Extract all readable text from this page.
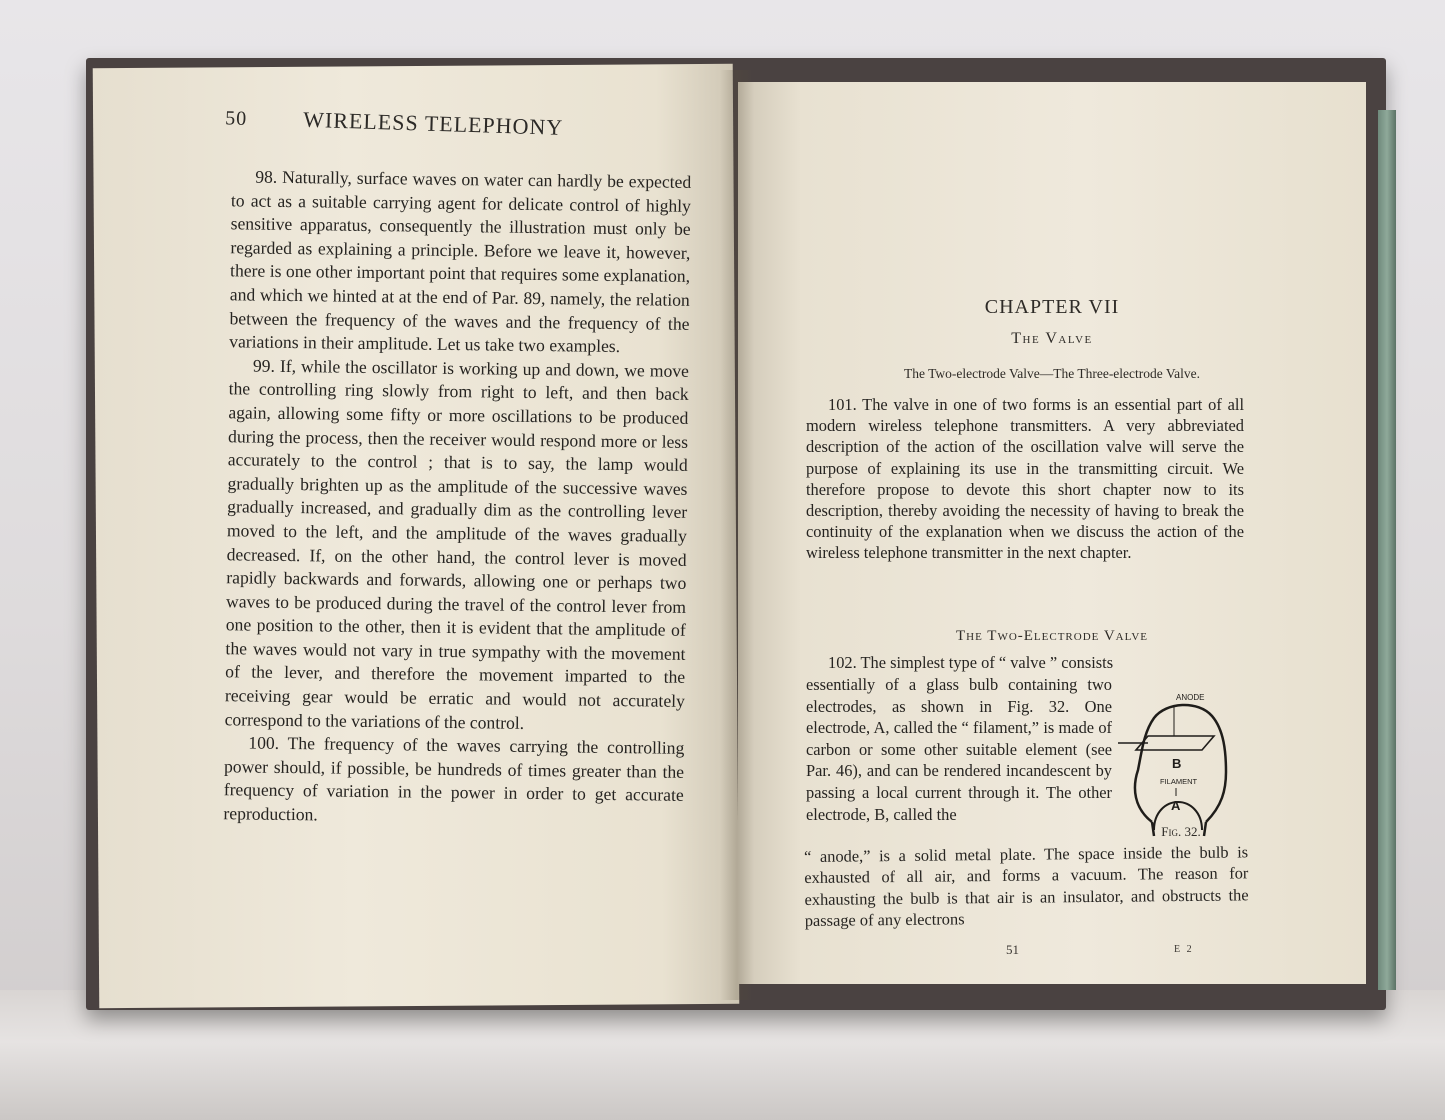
50	WIRELESS TELEPHONY

98. Naturally, surface waves on water can hardly be expected to act as a suitable carrying agent for delicate control of highly sensitive apparatus, consequently the illustration must only be regarded as explaining a principle. Before we leave it, however, there is one other important point that requires some explanation, and which we hinted at at the end of Par. 89, namely, the relation between the frequency of the waves and the frequency of the variations in their amplitude. Let us take two examples.

99. If, while the oscillator is working up and down, we move the controlling ring slowly from right to left, and then back again, allowing some fifty or more oscillations to be produced during the process, then the receiver would respond more or less accurately to the control ; that is to say, the lamp would gradually brighten up as the amplitude of the successive waves gradually increased, and gradually dim as the controlling lever moved to the left, and the amplitude of the waves gradually decreased. If, on the other hand, the control lever is moved rapidly backwards and forwards, allowing one or perhaps two waves to be produced during the travel of the control lever from one position to the other, then it is evident that the amplitude of the waves would not vary in true sympathy with the movement of the lever, and therefore the movement imparted to the receiving gear would be erratic and would not accurately correspond to the variations of the control.

100. The frequency of the waves carrying the controlling power should, if possible, be hundreds of times greater than the frequency of variation in the power in order to get accurate reproduction.

CHAPTER VII
The Valve
The Two-electrode Valve—The Three-electrode Valve.

101. The valve in one of two forms is an essential part of all modern wireless telephone transmitters. A very abbreviated description of the action of the oscillation valve will serve the purpose of explaining its use in the transmitting circuit. We therefore propose to devote this short chapter now to its description, thereby avoiding the necessity of having to break the continuity of the explanation when we discuss the action of the wireless telephone transmitter in the next chapter.

The Two-Electrode Valve
102. The simplest type of “ valve ” consists
essentially of a glass bulb containing two electrodes, as shown in Fig. 32. One electrode, A, called the “ filament,” is made of carbon or some other suitable element (see Par. 46), and can be rendered incandescent by passing a local current through it. The other electrode, B, called the
ANODE
B
FILAMENT
A
Fig. 32.
“ anode,” is a solid metal plate. The space inside the bulb is exhausted of all air, and forms a vacuum. The reason for exhausting the bulb is that air is an insulator, and obstructs the passage of any electrons
51	E 2
